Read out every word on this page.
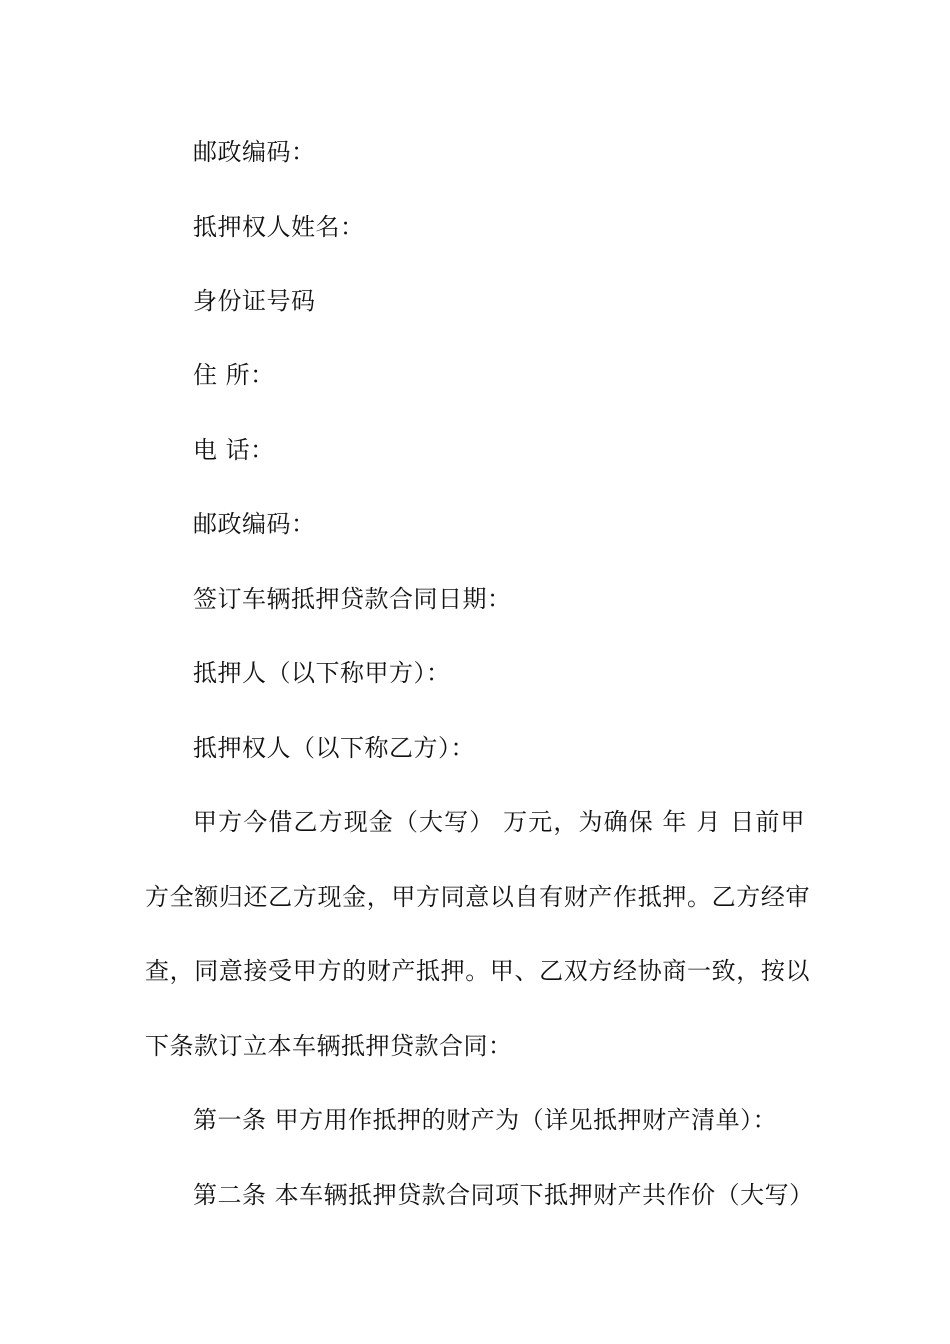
邮政编码：
抵押权人姓名：
身份证号码
住 所：
电 话：
邮政编码：
签订车辆抵押贷款合同日期：
抵押人（以下称甲方）：
抵押权人（以下称乙方）：
甲方今借乙方现金（大写） 万元，为确保 年 月 日前甲
方全额归还乙方现金，甲方同意以自有财产作抵押。乙方经审
查，同意接受甲方的财产抵押。甲、乙双方经协商一致，按以
下条款订立本车辆抵押贷款合同：
第一条 甲方用作抵押的财产为（详见抵押财产清单）：
第二条 本车辆抵押贷款合同项下抵押财产共作价（大写）
